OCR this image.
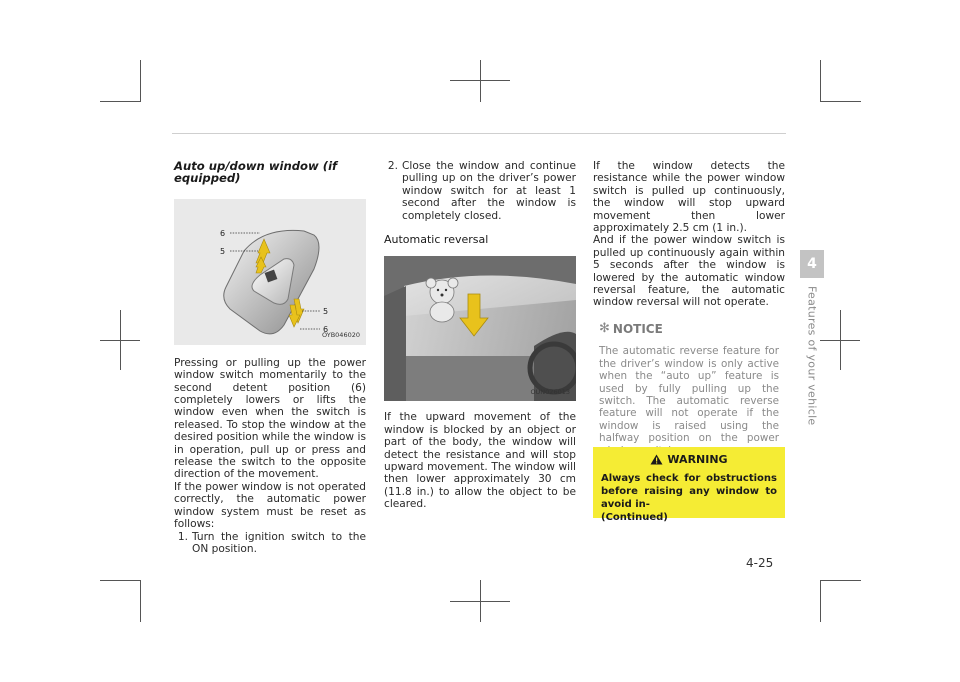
Auto up/down window (if equipped)
6
5
5
6
OYB046020

Pressing or pulling up the power window switch momentarily to the second detent position (6) completely lowers or lifts the window even when the switch is released. To stop the window at the desired position while the window is in operation, pull up or press and release the switch to the opposite direction of the movement.

If the power window is not operated correctly, the automatic power window system must be reset as follows:

1. Turn the ignition switch to the ON position.
2. Close the window and continue pulling up on the driver’s power window switch for at least 1 second after the window is completely closed.
Automatic reversal
OUN026013

If the upward movement of the window is blocked by an object or part of the body, the window will detect the resistance and will stop upward movement. The window will then lower approximately 30 cm (11.8 in.) to allow the object to be cleared.

If the window detects the resistance while the power window switch is pulled up continuously, the window will stop upward movement then lower approximately 2.5 cm (1 in.).

And if the power window switch is pulled up continuously again within 5 seconds after the window is lowered by the automatic window reversal feature, the automatic window reversal will not operate.

✻ NOTICE

The automatic reverse feature for the driver’s window is only active when the “auto up” feature is used by fully pulling up the switch. The automatic reverse feature will not operate if the window is raised using the halfway position on the power

WARNING
Always check for obstructions before raising any window to avoid in-
(Continued)
4
Features of your vehicle
4-25
